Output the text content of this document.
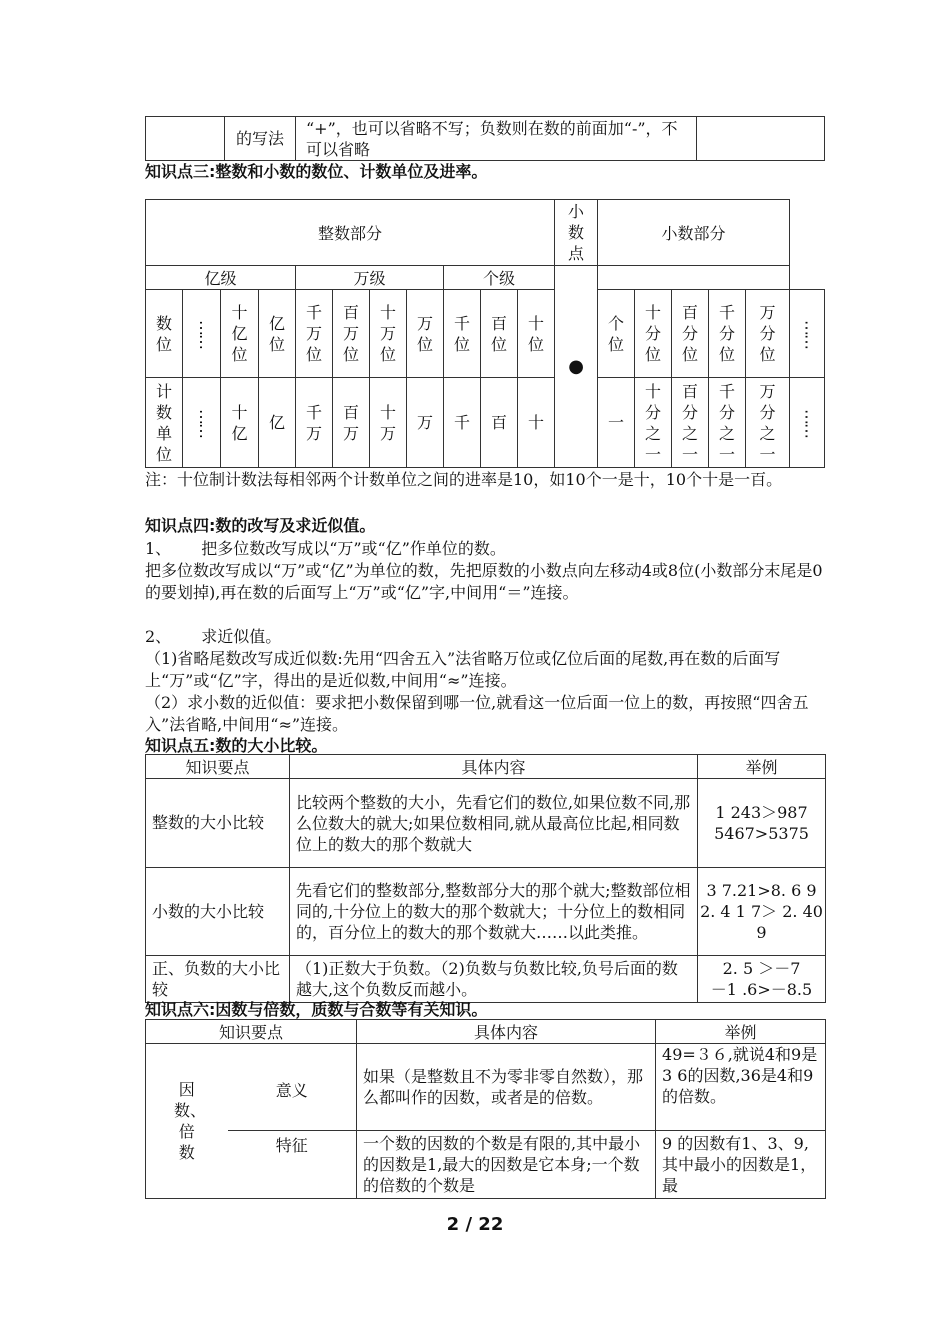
	的写法	“+”，也可以省略不写；负数则在数的前面加“-”，不可以省略	
知识点三:整数和小数的数位、计数单位及进率。
整数部分											小数点	小数部分					
亿级				万级				个级			●						
数位	⋯⋯	十亿位	亿位	千万位	百万位	十万位	万位	千位	百位	十位		个位	十分位	百分位	千分位	万分位	⋯⋯
计数单位	⋯⋯	十亿	亿	千万	百万	十万	万	千	百	十		一	十分之一	百分之一	千分之一	万分之一	⋯⋯
注：十位制计数法每相邻两个计数单位之间的进率是10，如10个一是十，10个十是一百。
知识点四:数的改写及求近似值。
1、 把多位数改写成以“万”或“亿”作单位的数。
把多位数改写成以“万”或“亿”为单位的数，先把原数的小数点向左移动4或8位(小数部分末尾是0的要划掉),再在数的后面写上“万”或“亿”字,中间用“＝”连接。
2、 求近似值。
（1)省略尾数改写成近似数:先用“四舍五入”法省略万位或亿位后面的尾数,再在数的后面写上“万”或“亿”字，得出的是近似数,中间用“≈”连接。
（2）求小数的近似值：要求把小数保留到哪一位,就看这一位后面一位上的数，再按照“四舍五入”法省略,中间用“≈”连接。
知识点五:数的大小比较。
知识要点	具体内容	举例
整数的大小比较	比较两个整数的大小，先看它们的数位,如果位数不同,那么位数大的就大;如果位数相同,就从最高位比起,相同数位上的数大的那个数就大	1 243＞987
5467>5375

小数的大小比较	先看它们的整数部分,整数部分大的那个就大;整数部位相同的,十分位上的数大的那个数就大；十分位上的数相同的，百分位上的数大的那个数就大……以此类推。	3 7.21>8. 6 9
2. 4 1 7＞ 2. 40 9

正、负数的大小比较	（1)正数大于负数。（2)负数与负数比较,负号后面的数越大,这个负数反而越小。	2. 5 ＞－7
－1 .6>－8.5
知识点六:因数与倍数，质数与合数等有关知识。
知识要点		具体内容	举例
因数、倍数	意义	如果（是整数且不为零非零自然数），那么都叫作的因数，或者是的倍数。	49=３６,就说4和9是3 6的因数,36是4和9的倍数。
	特征	一个数的因数的个数是有限的,其中最小的因数是1,最大的因数是它本身;一个数的倍数的个数是	9 的因数有1、3、9,其中最小的因数是1，最
2 / 22
